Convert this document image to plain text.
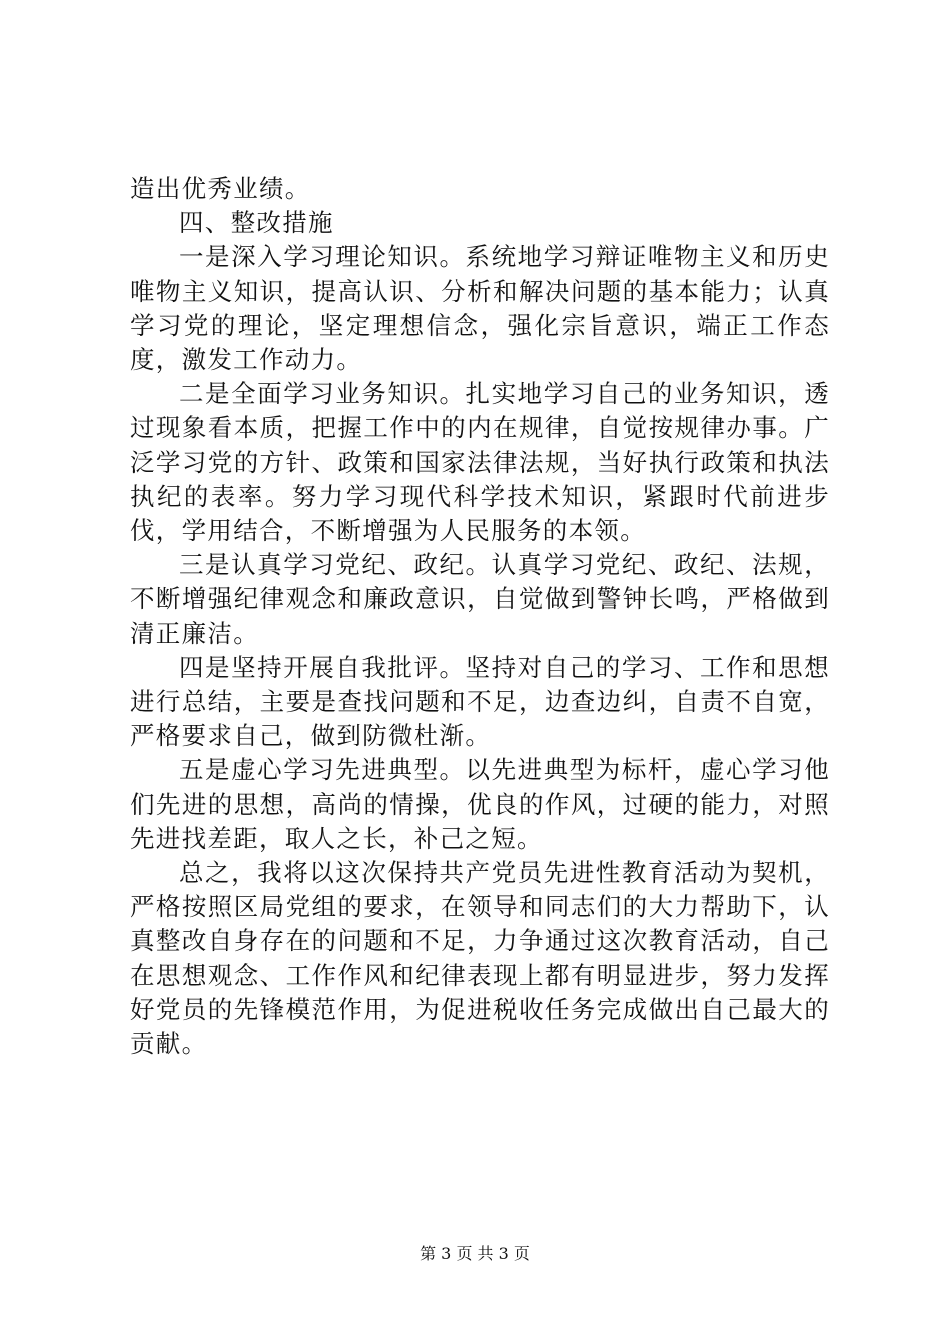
造出优秀业绩。

四、整改措施

一是深入学习理论知识。系统地学习辩证唯物主义和历史唯物主义知识，提高认识、分析和解决问题的基本能力；认真学习党的理论，坚定理想信念，强化宗旨意识，端正工作态度，激发工作动力。

二是全面学习业务知识。扎实地学习自己的业务知识，透过现象看本质，把握工作中的内在规律，自觉按规律办事。广泛学习党的方针、政策和国家法律法规，当好执行政策和执法执纪的表率。努力学习现代科学技术知识，紧跟时代前进步伐，学用结合，不断增强为人民服务的本领。

三是认真学习党纪、政纪。认真学习党纪、政纪、法规，不断增强纪律观念和廉政意识，自觉做到警钟长鸣，严格做到清正廉洁。

四是坚持开展自我批评。坚持对自己的学习、工作和思想进行总结，主要是查找问题和不足，边查边纠，自责不自宽，严格要求自己，做到防微杜渐。

五是虚心学习先进典型。以先进典型为标杆，虚心学习他们先进的思想，高尚的情操，优良的作风，过硬的能力，对照先进找差距，取人之长，补己之短。

总之，我将以这次保持共产党员先进性教育活动为契机，严格按照区局党组的要求，在领导和同志们的大力帮助下，认真整改自身存在的问题和不足，力争通过这次教育活动，自己在思想观念、工作作风和纪律表现上都有明显进步，努力发挥好党员的先锋模范作用，为促进税收任务完成做出自己最大的贡献。

第 3 页 共 3 页
